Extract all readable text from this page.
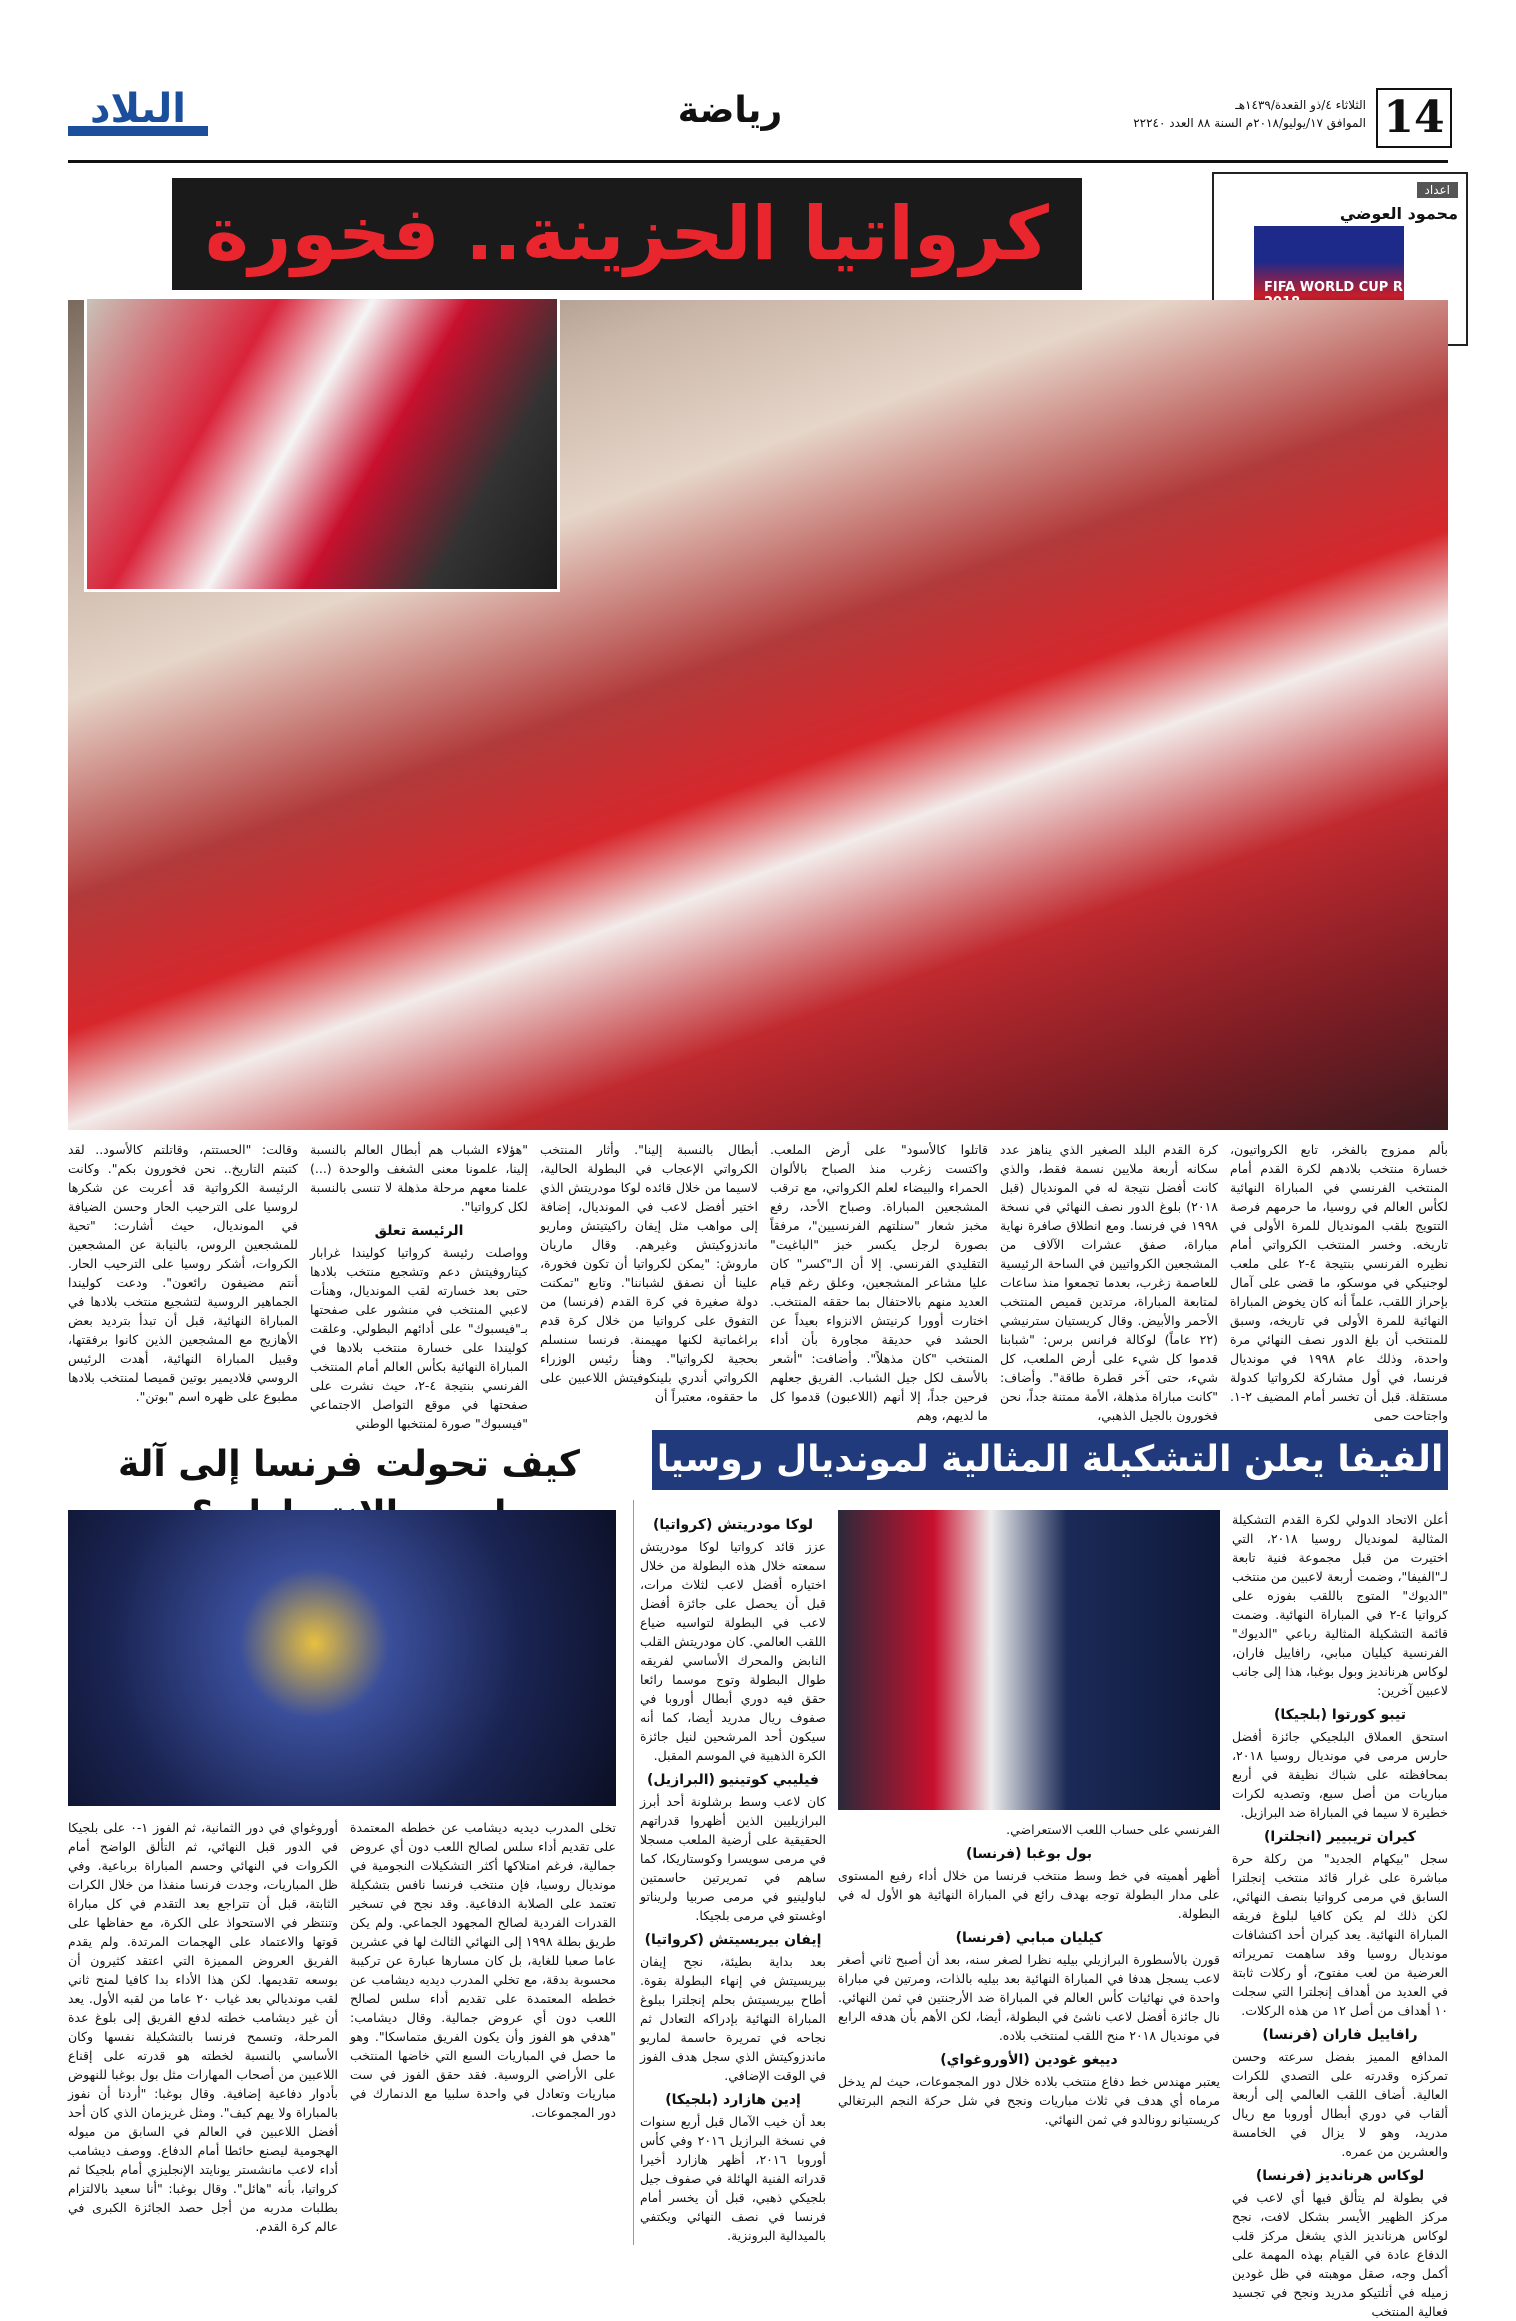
14
الثلاثاء ٤/ذو القعدة/١٤٣٩هـ
الموافق ١٧/يوليو/٢٠١٨م السنة ٨٨ العدد ٢٢٢٤٠
رياضة
البلاد
اعداد
محمود العوضي
FIFA WORLD CUP RUSSIA
كرواتيا الحزينة.. فخورة
بألم ممزوج بالفخر، تابع الكرواتيون، خسارة منتخب بلادهم لكرة القدم أمام المنتخب الفرنسي في المباراة النهائية لكأس العالم في روسيا، ما حرمهم فرصة التتويج بلقب المونديال للمرة الأولى في تاريخه. وخسر المنتخب الكرواتي أمام نظيره الفرنسي بنتيجة ٤-٢ على ملعب لوجنيكي في موسكو، ما قضى على آمال بإحراز اللقب، علماً أنه كان يخوض المباراة النهائية للمرة الأولى في تاريخه، وسبق للمنتخب أن بلغ الدور نصف النهائي مرة واحدة، وذلك عام ١٩٩٨ في مونديال فرنسا، في أول مشاركة لكرواتيا كدولة مستقلة. قبل أن تخسر أمام المضيف ٢-١. واجتاحت حمى
كرة القدم البلد الصغير الذي يناهز عدد سكانه أربعة ملايين نسمة فقط، والذي كانت أفضل نتيجة له في المونديال (قبل ٢٠١٨) بلوغ الدور نصف النهائي في نسخة ١٩٩٨ في فرنسا. ومع انطلاق صافرة نهاية مباراة، صفق عشرات الآلاف من المشجعين الكرواتيين في الساحة الرئيسية للعاصمة زغرب، بعدما تجمعوا منذ ساعات لمتابعة المباراة، مرتدين قميص المنتخب الأحمر والأبيض. وقال كريستيان سترنيشي (٢٢ عاماً) لوكالة فرانس برس: "شبابنا قدموا كل شيء على أرض الملعب، كل شيء، حتى آخر قطرة طاقة". وأضاف: "كانت مباراة مذهلة، الأمة ممتنة جداً، نحن فخورون بالجيل الذهبي،
قاتلوا كالأسود" على أرض الملعب. واكتست زغرب منذ الصباح بالألوان الحمراء والبيضاء لعلم الكرواتي، مع ترقب المشجعين المباراة. وصباح الأحد، رفع مخبز شعار "سنلتهم الفرنسيين"، مرفقاً بصورة لرجل يكسر خبز "الباغيت" التقليدي الفرنسي. إلا أن الـ"كسر" كان عليا مشاعر المشجعين، وعلق رغم قيام العديد منهم بالاحتفال بما حققه المنتخب. اختارت أوورا كرنيتش الانزواء بعيداً عن الحشد في حديقة مجاورة بأن أداء المنتخب "كان مذهلاً". وأضافت: "أشعر بالأسف لكل جيل الشباب. الفريق جعلهم فرحين جداً، إلا أنهم (اللاعبون) قدموا كل ما لديهم، وهم
أبطال بالنسبة إلينا". وأثار المنتخب الكرواتي الإعجاب في البطولة الحالية، لاسيما من خلال قائده لوكا مودريتش الذي اختير أفضل لاعب في المونديال، إضافة إلى مواهب مثل إيفان راكيتيتش وماريو ماندزوكيتش وغيرهم. وقال ماريان ماروش: "يمكن لكرواتيا أن تكون فخورة، علينا أن نصفق لشباننا". وتابع "تمكنت دولة صغيرة في كرة القدم (فرنسا) من التفوق على كرواتيا من خلال كرة قدم براغماتية لكنها مهيمنة. فرنسا سنسلم بحجية لكرواتيا". وهنأ رئيس الوزراء الكرواتي أندري بلينكوفيتش اللاعبين على ما حققوه، معتبراً أن
"هؤلاء الشباب هم أبطال العالم بالنسبة إلينا، علمونا معنى الشغف والوحدة (...) علمنا معهم مرحلة مذهلة لا تنسى بالنسبة لكل كرواتيا".
الرئيسة تعلق
وواصلت رئيسة كرواتيا كوليندا غرابار كيتاروفيتش دعم وتشجيع منتخب بلادها حتى بعد خسارته لقب المونديال، وهنأت لاعبي المنتخب في منشور على صفحتها بـ"فيسبوك" على أدائهم البطولي. وعلقت كوليندا على خسارة منتخب بلادها في المباراة النهائية بكأس العالم أمام المنتخب الفرنسي بنتيجة ٤-٢، حيث نشرت على صفحتها في موقع التواصل الاجتماعي "فيسبوك" صورة لمنتخبها الوطني
وقالت: "الحستتم، وقاتلتم كالأسود.. لقد كتبتم التاريخ.. نحن فخورون بكم". وكانت الرئيسة الكرواتية قد أعربت عن شكرها لروسيا على الترحيب الحار وحسن الضيافة في المونديال، حيث أشارت: "تحية للمشجعين الروس، بالنيابة عن المشجعين الكروات، أشكر روسيا على الترحيب الحار. أنتم مضيفون رائعون". ودعت كوليندا الجماهير الروسية لتشجيع منتخب بلادها في المباراة النهائية، قبل أن تبدأ بترديد بعض الأهازيج مع المشجعين الذين كانوا برفقتها، وقبيل المباراة النهائية، أهدت الرئيس الروسي فلاديمير بوتين قميصا لمنتخب بلادها مطبوع على ظهره اسم "بوتن".
الفيفا يعلن التشكيلة المثالية لمونديال روسيا
أعلن الاتحاد الدولي لكرة القدم التشكيلة المثالية لمونديال روسيا ٢٠١٨، التي اختيرت من قبل مجموعة فنية تابعة لـ"الفيفا"، وضمت أربعة لاعبين من منتخب "الديوك" المتوج باللقب بفوزه على كرواتيا ٤-٢ في المباراة النهائية. وضمت قائمة التشكيلة المثالية رباعي "الديوك" الفرنسية كيليان مبابي، رافاييل فاران، لوكاس هرنانديز وبول بوغبا، هذا إلى جانب لاعبين آخرين:
تيبو كورتوا (بلجيكا)
استحق العملاق البلجيكي جائزة أفضل حارس مرمى في مونديال روسيا ٢٠١٨، بمحافظته على شباك نظيفة في أربع مباريات من أصل سبع، وتصديه لكرات خطيرة لا سيما في المباراة ضد البرازيل.
كيران تريبيير (انجلترا)
سجل "بيكهام الجديد" من ركلة حرة مباشرة على غرار قائد منتخب إنجلترا السابق في مرمى كرواتيا بنصف النهائي، لكن ذلك لم يكن كافيا لبلوغ فريقه المباراة النهائية. يعد كيران أحد اكتشافات مونديال روسيا وقد ساهمت تمريراته العرضية من لعب مفتوح، أو ركلات ثابتة في العديد من أهداف إنجلترا التي سجلت ١٠ أهداف من أصل ١٢ من هذه الركلات.
رافاييل فاران (فرنسا)
المدافع المميز بفضل سرعته وحسن تمركزه وقدرته على التصدي للكرات العالية. أضاف اللقب العالمي إلى أربعة ألقاب في دوري أبطال أوروبا مع ريال مدريد، وهو لا يزال في الخامسة والعشرين من عمره.
لوكاس هرنانديز (فرنسا)
في بطولة لم يتألق فيها أي لاعب في مركز الظهير الأيسر بشكل لافت، نجح لوكاس هرنانديز الذي يشغل مركز قلب الدفاع عادة في القيام بهذه المهمة على أكمل وجه، صقل موهبته في ظل غودين زميله في أتلتيكو مدريد ونجح في تجسيد فعالية المنتخب
الفرنسي على حساب اللعب الاستعراضي.
بول بوغبا (فرنسا)
أظهر أهميته في خط وسط منتخب فرنسا من خلال أداء رفيع المستوى على مدار البطولة توجه بهدف رائع في المباراة النهائية هو الأول له في البطولة.
كيليان مبابي (فرنسا)
قورن بالأسطورة البرازيلي بيليه نظرا لصغر سنه، بعد أن أصبح ثاني أصغر لاعب يسجل هدفا في المباراة النهائية بعد بيليه بالذات، ومرتين في مباراة واحدة في نهائيات كأس العالم في المباراة ضد الأرجنتين في ثمن النهائي. نال جائزة أفضل لاعب ناشئ في البطولة، أيضا، لكن الأهم بأن هدفه الرابع في مونديال ٢٠١٨ منح اللقب لمنتخب بلاده.
دييغو غودين (الأوروغواي)
يعتبر مهندس خط دفاع منتخب بلاده خلال دور المجموعات، حيث لم يدخل مرماه أي هدف في ثلاث مباريات ونجح في شل حركة النجم البرتغالي كريستيانو رونالدو في ثمن النهائي.
لوكا مودريتش (كرواتيا)
عزز قائد كرواتيا لوكا مودريتش سمعته خلال هذه البطولة من خلال اختياره أفضل لاعب لثلاث مرات، قبل أن يحصل على جائزة أفضل لاعب في البطولة لتواسيه ضياع اللقب العالمي. كان مودريتش القلب النابض والمحرك الأساسي لفريقه طوال البطولة وتوج موسما رائعا حقق فيه دوري أبطال أوروبا في صفوف ريال مدريد أيضا، كما أنه سيكون أحد المرشحين لنيل جائزة الكرة الذهبية في الموسم المقبل.
فيليبي كوتينيو (البرازيل)
كان لاعب وسط برشلونة أحد أبرز البرازيليين الذين أظهروا قدراتهم الحقيقية على أرضية الملعب مسجلا في مرمى سويسرا وكوستاريكا، كما ساهم في تمريرتين حاسمتين لباولينيو في مرمى صربيا ولريناتو اوغستو في مرمى بلجيكا.
إيفان بيريسيتش (كرواتيا)
بعد بداية بطيئة، نجح إيفان بيريسيتش في إنهاء البطولة بقوة. أطاح بيريسيتش بحلم إنجلترا ببلوغ المباراة النهائية بإدراكه التعادل ثم نجاحه في تمريرة حاسمة لماريو ماندزوكيتش الذي سجل هدف الفوز في الوقت الإضافي.
إدين هازارد (بلجيكا)
بعد أن خيب الآمال قبل أربع سنوات في نسخة البرازيل ٢٠١٦ وفي كأس أوروبا ٢٠١٦، أظهر هازارد أخيرا قدراته الفنية الهائلة في صفوف جيل بلجيكي ذهبي، قبل أن يخسر أمام فرنسا في نصف النهائي ويكتفي بالميدالية البرونزية.
كيف تحولت فرنسا إلى آلة
تخلى المدرب ديديه ديشامب عن خططه المعتمدة على تقديم أداء سلس لصالح اللعب دون أي عروض جمالية، فرغم امتلاكها أكثر التشكيلات النجومية في مونديال روسيا، فإن منتخب فرنسا نافس بتشكيلة تعتمد على الصلابة الدفاعية. وقد نجح في تسخير القدرات الفردية لصالح المجهود الجماعي. ولم يكن طريق بطلة ١٩٩٨ إلى النهائي الثالث لها في عشرين عاما صعبا للغاية، بل كان مسارها عبارة عن تركيبة محسوبة بدقة، مع تخلي المدرب ديديه ديشامب عن خططه المعتمدة على تقديم أداء سلس لصالح اللعب دون أي عروض جمالية. وقال ديشامب: "هدفي هو الفوز وأن يكون الفريق متماسكا". وهو ما حصل في المباريات السبع التي خاضها المنتخب على الأراضي الروسية. فقد حقق الفوز في ست مباريات وتعادل في واحدة سلبيا مع الدنمارك في دور المجموعات.
أوروغواي في دور الثمانية، ثم الفوز ١-٠ على بلجيكا في الدور قبل النهائي، ثم التألق الواضح أمام الكروات في النهائي وحسم المباراة برباعية. وفي ظل المباريات، وجدت فرنسا منفذا من خلال الكرات الثابتة، قبل أن تتراجع بعد التقدم في كل مباراة وتنتظر في الاستحواذ على الكرة، مع حفاظها على قوتها والاعتماد على الهجمات المرتدة. ولم يقدم الفريق العروض المميزة التي اعتقد كثيرون أن بوسعه تقديمها. لكن هذا الأداء بدا كافيا لمنح ثاني لقب مونديالي بعد غياب ٢٠ عاما من لقبه الأول. يعد أن غير ديشامب خطته لدفع الفريق إلى بلوغ عدة المرحلة، وتسمح فرنسا بالتشكيلة نفسها وكان الأساسي بالنسبة لخطته هو قدرته على إقناع اللاعبين من أصحاب المهارات مثل بول بوغبا للنهوض بأدوار دفاعية إضافية. وقال بوغبا: "أردنا أن نفوز بالمباراة ولا يهم كيف". ومثل غريزمان الذي كان أحد أفضل اللاعبين في العالم في السابق من ميوله الهجومية ليصنع حائطا أمام الدفاع. ووصف ديشامب أداء لاعب مانشستر يونايتد الإنجليزي أمام بلجيكا ثم كرواتيا، بأنه "هائل". وقال بوغبا: "أنا سعيد بالالتزام بطلبات مدربه من أجل حصد الجائزة الكبرى في عالم كرة القدم.
